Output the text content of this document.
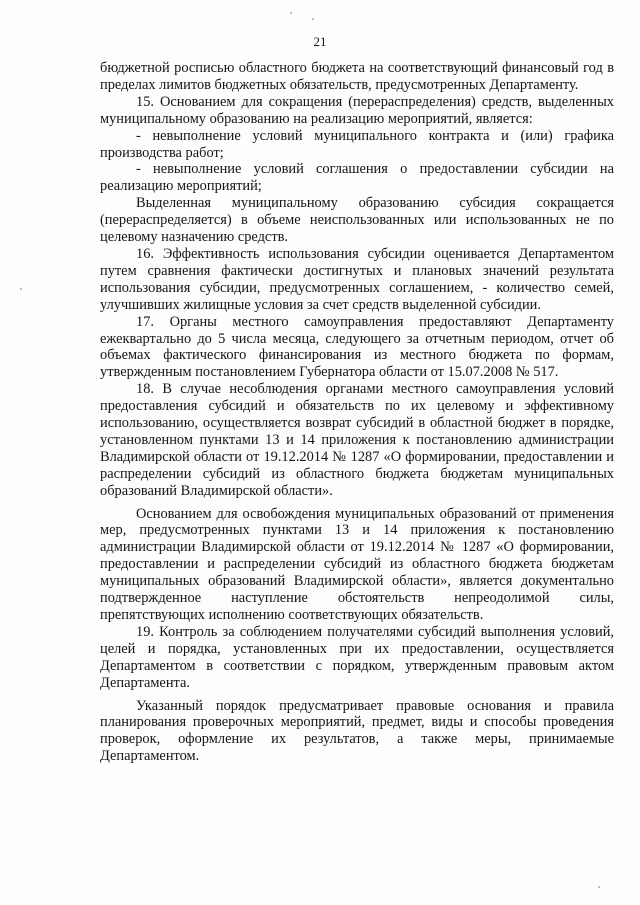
21

бюджетной росписью областного бюджета на соответствующий финансовый год в пределах лимитов бюджетных обязательств, предусмотренных Департаменту.

15. Основанием для сокращения (перераспределения) средств, выделенных муниципальному образованию на реализацию мероприятий, является:

- невыполнение условий муниципального контракта и (или) графика производства работ;

- невыполнение условий соглашения о предоставлении субсидии на реализацию мероприятий;

Выделенная муниципальному образованию субсидия сокращается (перераспределяется) в объеме неиспользованных или использованных не по целевому назначению средств.

16. Эффективность использования субсидии оценивается Департаментом путем сравнения фактически достигнутых и плановых значений результата использования субсидии, предусмотренных соглашением, - количество семей, улучшивших жилищные условия за счет средств выделенной субсидии.

17. Органы местного самоуправления предоставляют Департаменту ежеквартально до 5 числа месяца, следующего за отчетным периодом, отчет об объемах фактического финансирования из местного бюджета по формам, утвержденным постановлением Губернатора области от 15.07.2008 № 517.

18. В случае несоблюдения органами местного самоуправления условий предоставления субсидий и обязательств по их целевому и эффективному использованию, осуществляется возврат субсидий в областной бюджет в порядке, установленном пунктами 13 и 14 приложения к постановлению администрации Владимирской области от 19.12.2014 № 1287 «О формировании, предоставлении и распределении субсидий из областного бюджета бюджетам муниципальных образований Владимирской области».

Основанием для освобождения муниципальных образований от применения мер, предусмотренных пунктами 13 и 14 приложения к постановлению администрации Владимирской области от 19.12.2014 № 1287 «О формировании, предоставлении и распределении субсидий из областного бюджета бюджетам муниципальных образований Владимирской области», является документально подтвержденное наступление обстоятельств непреодолимой силы, препятствующих исполнению соответствующих обязательств.

19. Контроль за соблюдением получателями субсидий выполнения условий, целей и порядка, установленных при их предоставлении, осуществляется Департаментом в соответствии с порядком, утвержденным правовым актом Департамента.

Указанный порядок предусматривает правовые основания и правила планирования проверочных мероприятий, предмет, виды и способы проведения проверок, оформление их результатов, а также меры, принимаемые Департаментом.
